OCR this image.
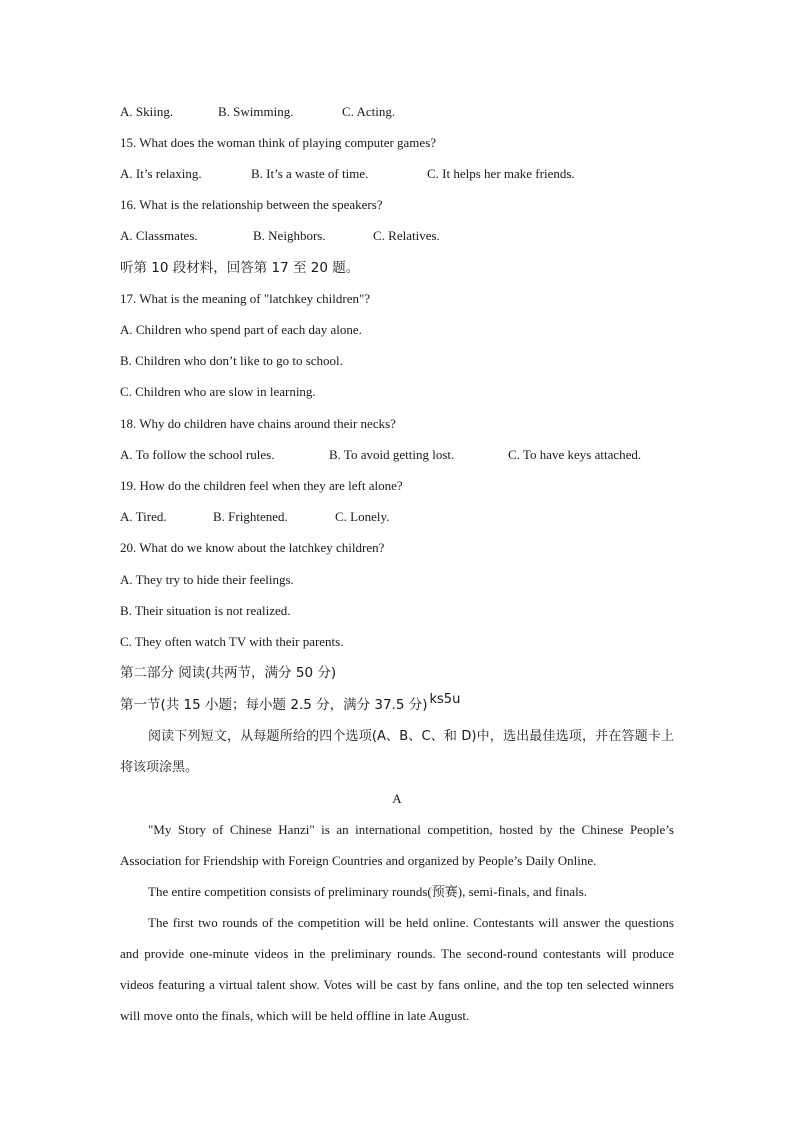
A. Skiing.	B. Swimming.	C. Acting.
15. What does the woman think of playing computer games?
A. It’s relaxing.	B. It’s a waste of time.	C. It helps her make friends.
16. What is the relationship between the speakers?
A. Classmates.	B. Neighbors.	C. Relatives.
听第 10 段材料，回答第 17 至 20 题。
17. What is the meaning of "latchkey children"?
A. Children who spend part of each day alone.
B. Children who don’t like to go to school.
C. Children who are slow in learning.
18. Why do children have chains around their necks?
A. To follow the school rules.	B. To avoid getting lost.	C. To have keys attached.
19. How do the children feel when they are left alone?
A. Tired.	B. Frightened.	C. Lonely.
20. What do we know about the latchkey children?
A. They try to hide their feelings.
B. Their situation is not realized.
C. They often watch TV with their parents.
第二部分 阅读(共两节，满分 50 分)
第一节(共 15 小题；每小题 2.5 分，满分 37.5 分) ks5u
阅读下列短文，从每题所给的四个选项(A、B、C、和 D)中，选出最佳选项，并在答题卡上将该项涂黑。
A
"My Story of Chinese Hanzi" is an international competition, hosted by the Chinese People’s Association for Friendship with Foreign Countries and organized by People’s Daily Online.
The entire competition consists of preliminary rounds(预赛), semi-finals, and finals.
The first two rounds of the competition will be held online. Contestants will answer the questions and provide one-minute videos in the preliminary rounds. The second-round contestants will produce videos featuring a virtual talent show. Votes will be cast by fans online, and the top ten selected winners will move onto the finals, which will be held offline in late August.
